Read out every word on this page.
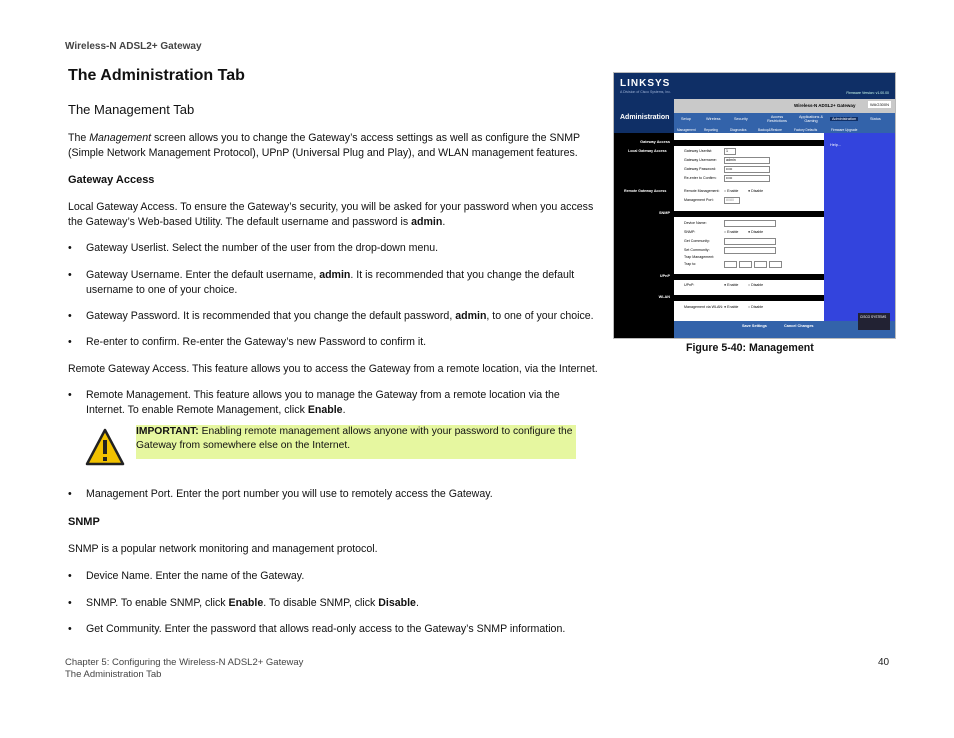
Wireless-N ADSL2+ Gateway
The Administration Tab
The Management Tab
The Management screen allows you to change the Gateway’s access settings as well as configure the SNMP (Simple Network Management Protocol), UPnP (Universal Plug and Play), and WLAN management features.
Gateway Access
Local Gateway Access. To ensure the Gateway’s security, you will be asked for your password when you access the Gateway’s Web-based Utility. The default username and password is admin.
• Gateway Userlist. Select the number of the user from the drop-down menu.
• Gateway Username. Enter the default username, admin. It is recommended that you change the default username to one of your choice.
• Gateway Password. It is recommended that you change the default password, admin, to one of your choice.
• Re-enter to confirm. Re-enter the Gateway’s new Password to confirm it.
Remote Gateway Access. This feature allows you to access the Gateway from a remote location, via the Internet.
• Remote Management. This feature allows you to manage the Gateway from a remote location via the Internet. To enable Remote Management, click Enable.
IMPORTANT: Enabling remote management allows anyone with your password to configure the Gateway from somewhere else on the Internet.
• Management Port. Enter the port number you will use to remotely access the Gateway.
SNMP
SNMP is a popular network monitoring and management protocol.
• Device Name. Enter the name of the Gateway.
• SNMP. To enable SNMP, click Enable. To disable SNMP, click Disable.
• Get Community. Enter the password that allows read-only access to the Gateway’s SNMP information.
LINKSYS
A Division of Cisco Systems, Inc.	Firmware Version: v1.00.00
Administration
Wireless-N ADSL2+ Gateway	WAG300N
Setup	Wireless	Security	Access Restrictions
Applications & Gaming	Administration	Status
Management	Reporting	Diagnostics	Backup&Restore	Factory Defaults	Firmware Upgrade
Gateway Access
Local Gateway Access	Gateway Userlist:	1
Gateway Username:	admin
Gateway Password:	•••••
Re-enter to Confirm:	•••••
Remote Gateway Access	Remote Management: ○ Enable	● Disable
Management Port:	8080
SNMP
Device Name:
SNMP:	○ Enable	● Disable
Get Community:
Set Community:
Trap Management:
Trap to:
UPnP
UPnP:	● Enable	○ Disable
WLAN
Management via WLAN: ● Enable	○ Disable
Help...
Save Settings	Cancel Changes
CISCO SYSTEMS
Figure 5-40: Management
Chapter 5: Configuring the Wireless-N ADSL2+ Gateway
The Administration Tab
40
